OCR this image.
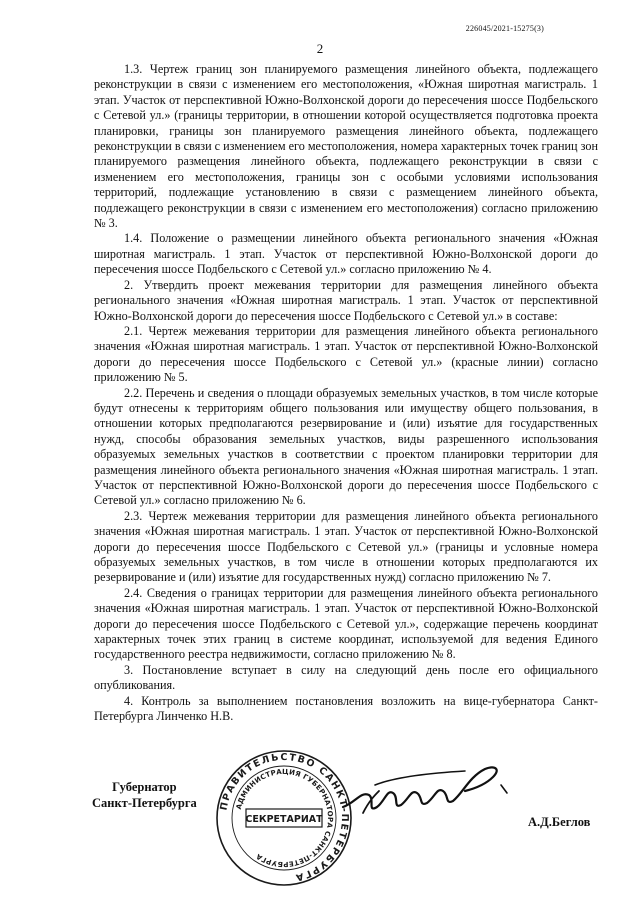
226045/2021-15275(3)
2

1.3. Чертеж границ зон планируемого размещения линейного объекта, подлежащего реконструкции в связи с изменением его местоположения, «Южная широтная магистраль. 1 этап. Участок от перспективной Южно-Волхонской дороги до пересечения шоссе Подбельского с Сетевой ул.» (границы территории, в отношении которой осуществляется подготовка проекта планировки, границы зон планируемого размещения линейного объекта, подлежащего реконструкции в связи с изменением его местоположения, номера характерных точек границ зон планируемого размещения линейного объекта, подлежащего реконструкции в связи с изменением его местоположения, границы зон с особыми условиями использования территорий, подлежащие установлению в связи с размещением линейного объекта, подлежащего реконструкции в связи с изменением его местоположения) согласно приложению № 3.

1.4. Положение о размещении линейного объекта регионального значения «Южная широтная магистраль. 1 этап. Участок от перспективной Южно-Волхонской дороги до пересечения шоссе Подбельского с Сетевой ул.» согласно приложению № 4.

2. Утвердить проект межевания территории для размещения линейного объекта регионального значения «Южная широтная магистраль. 1 этап. Участок от перспективной Южно-Волхонской дороги до пересечения шоссе Подбельского с Сетевой ул.» в составе:

2.1. Чертеж межевания территории для размещения линейного объекта регионального значения «Южная широтная магистраль. 1 этап. Участок от перспективной Южно-Волхонской дороги до пересечения шоссе Подбельского с Сетевой ул.» (красные линии) согласно приложению № 5.

2.2. Перечень и сведения о площади образуемых земельных участков, в том числе которые будут отнесены к территориям общего пользования или имуществу общего пользования, в отношении которых предполагаются резервирование и (или) изъятие для государственных нужд, способы образования земельных участков, виды разрешенного использования образуемых земельных участков в соответствии с проектом планировки территории для размещения линейного объекта регионального значения «Южная широтная магистраль. 1 этап. Участок от перспективной Южно-Волхонской дороги до пересечения шоссе Подбельского с Сетевой ул.» согласно приложению № 6.

2.3. Чертеж межевания территории для размещения линейного объекта регионального значения «Южная широтная магистраль. 1 этап. Участок от перспективной Южно-Волхонской дороги до пересечения шоссе Подбельского с Сетевой ул.» (границы и условные номера образуемых земельных участков, в том числе в отношении которых предполагаются их резервирование и (или) изъятие для государственных нужд) согласно приложению № 7.

2.4. Сведения о границах территории для размещения линейного объекта регионального значения «Южная широтная магистраль. 1 этап. Участок от перспективной Южно-Волхонской дороги до пересечения шоссе Подбельского с Сетевой ул.», содержащие перечень координат характерных точек этих границ в системе координат, используемой для ведения Единого государственного реестра недвижимости, согласно приложению № 8.

3. Постановление вступает в силу на следующий день после его официального опубликования.

4. Контроль за выполнением постановления возложить на вице-губернатора Санкт-Петербурга Линченко Н.В.

Губернатор
Санкт-Петербурга ПРАВИТЕЛЬСТВО САНКТ-ПЕТЕРБУРГА
АДМИНИСТРАЦИЯ ГУБЕРНАТОРА САНКТ-ПЕТЕРБУРГА
СЕКРЕТАРИАТ	А.Д.Беглов
